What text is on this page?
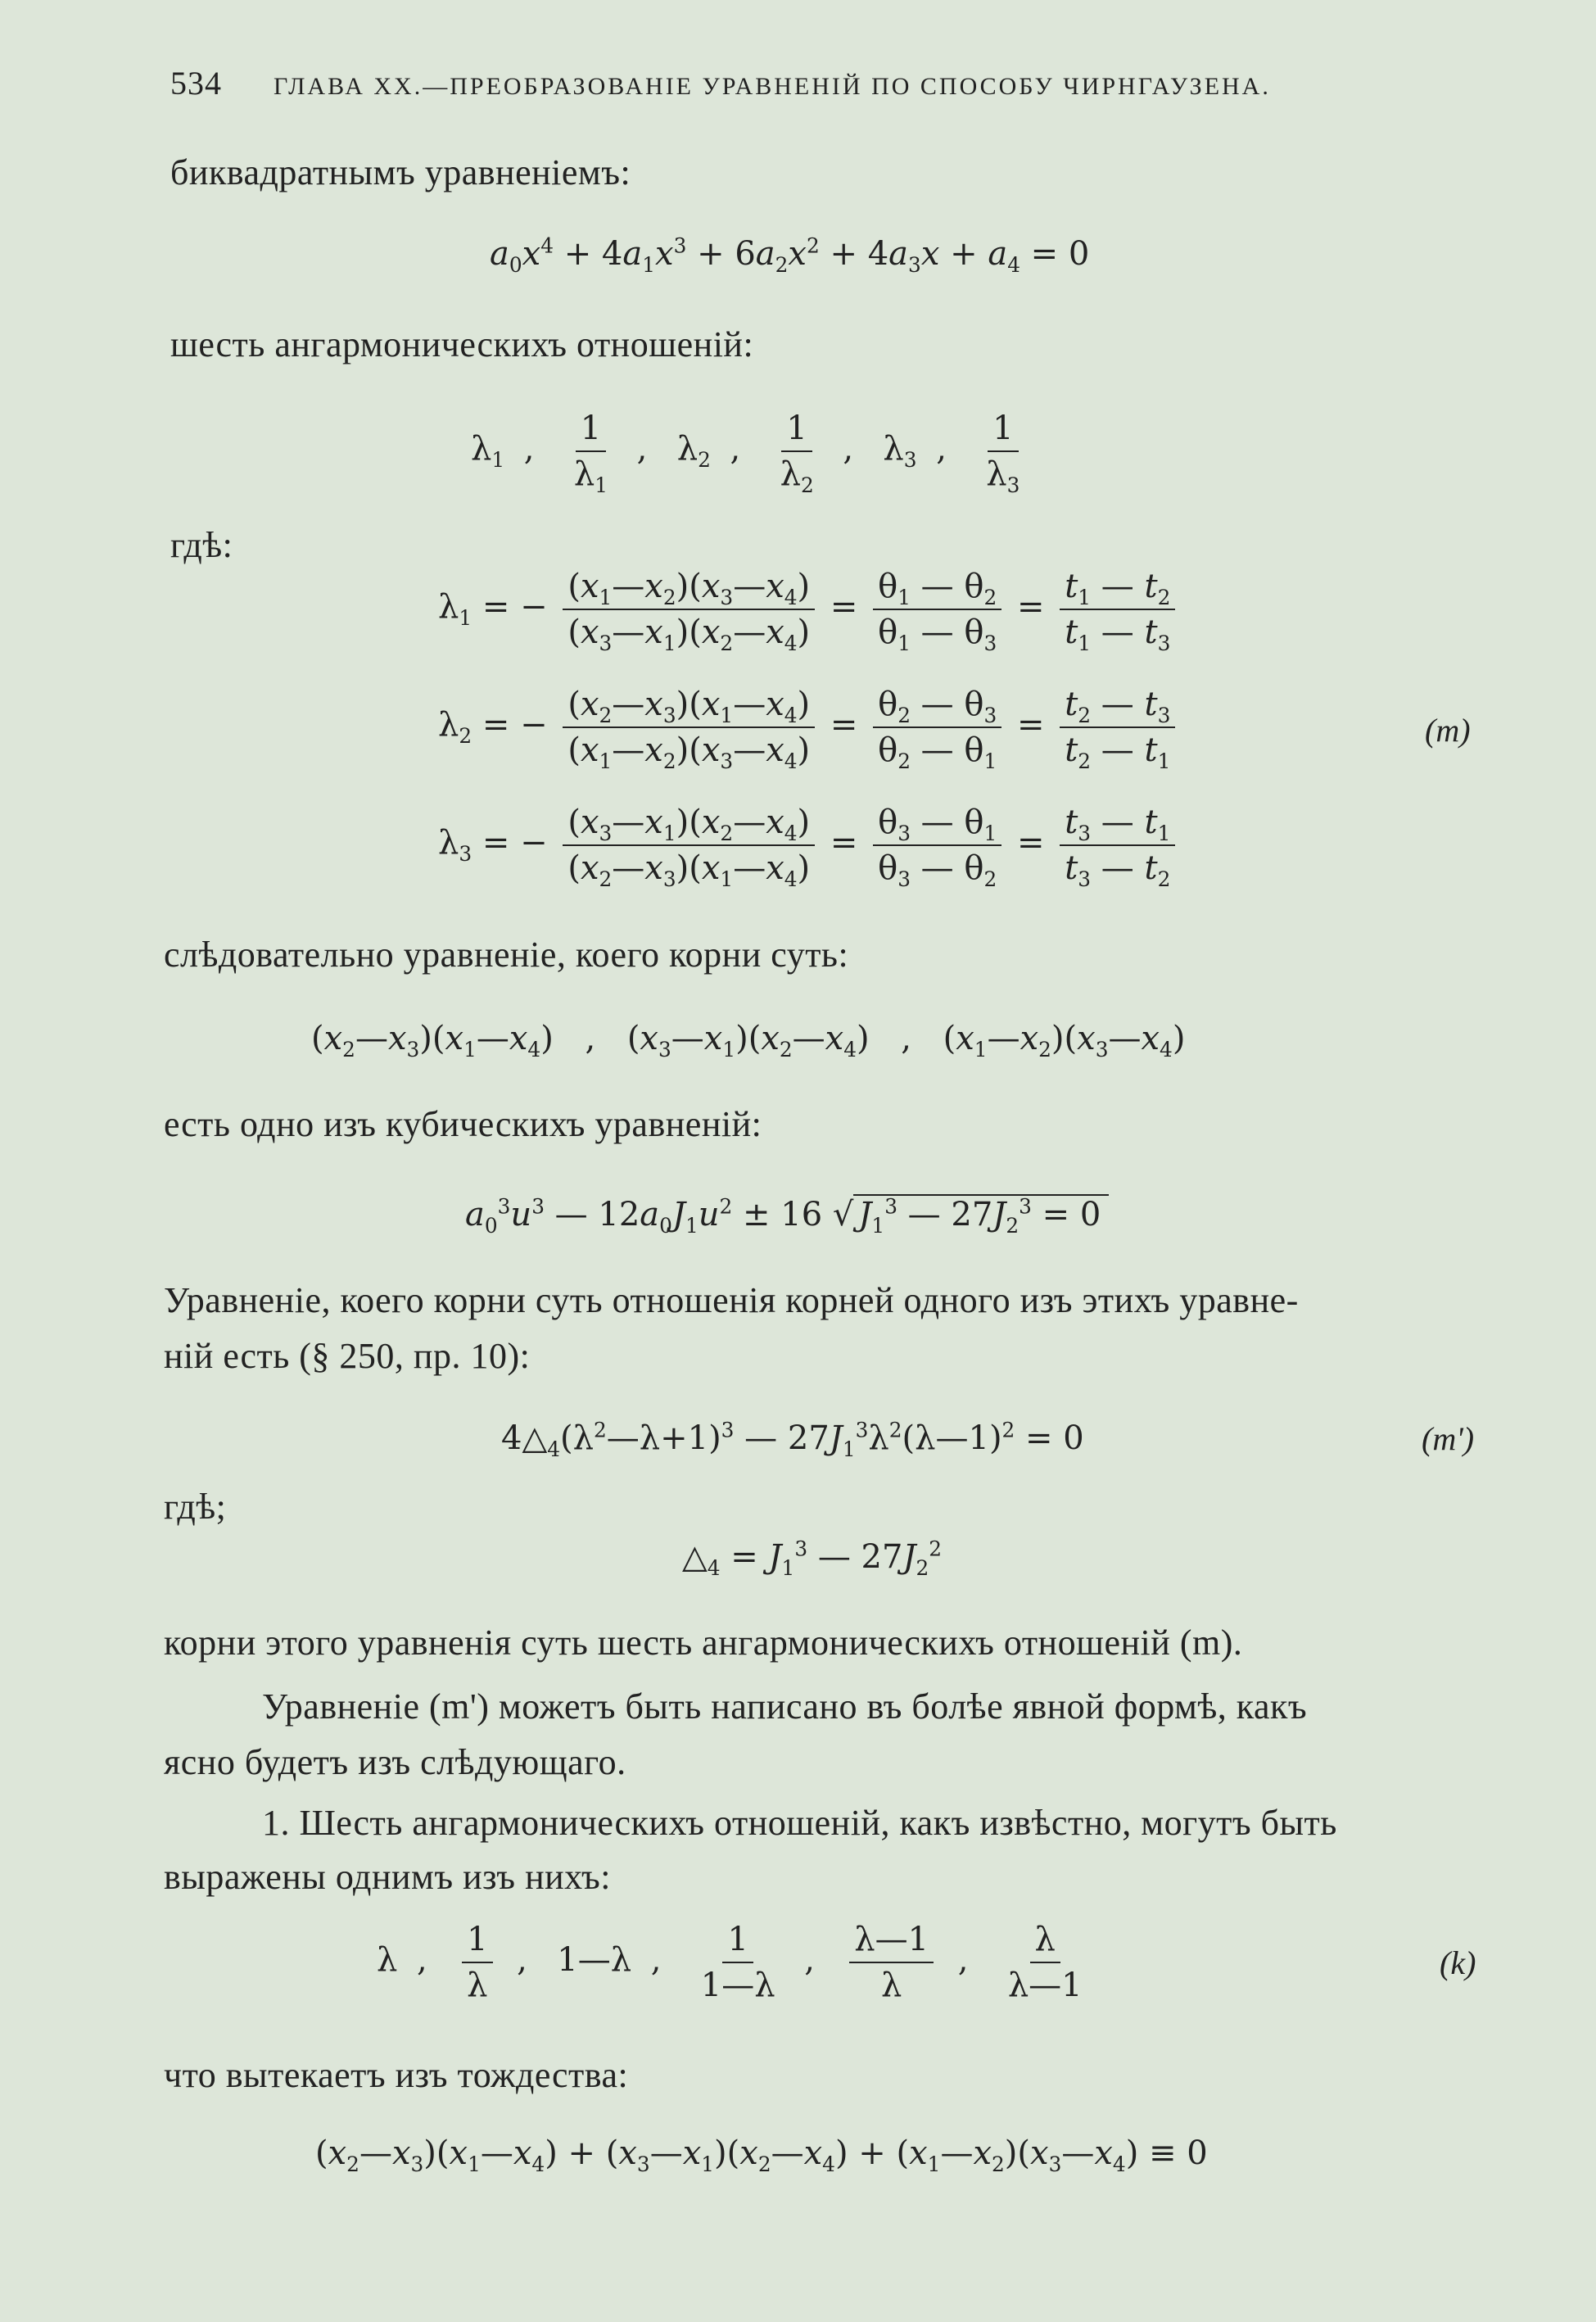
534 ГЛАВА XX.—ПРЕОБРАЗОВАНІЕ УРАВНЕНІЙ ПО СПОСОБУ ЧИРНГАУЗЕНА.
биквадратнымъ уравненіемъ:
$a_0x^4 + 4a_1x^3 + 6a_2x^2 + 4a_3x + a_4 = 0$
шесть ангармоническихъ отношеній:
$\lambda_1$ , $\frac{1}{\lambda_1}$ , $\lambda_2$ , $\frac{1}{\lambda_2}$ , $\lambda_3$ , $\frac{1}{\lambda_3}$
гдѣ:
$\lambda_1$ = − $\frac{(x_1—x_2)(x_3—x_4)}{(x_3—x_1)(x_2—x_4)} = \frac{\theta_1 — \theta_2}{\theta_1 — \theta_3} = \frac{t_1 — t_2}{t_1 — t_3}$
$\lambda_2$ = − $\frac{(x_2—x_3)(x_1—x_4)}{(x_1—x_2)(x_3—x_4)} = \frac{\theta_2 — \theta_3}{\theta_2 — \theta_1} = \frac{t_2 — t_3}{t_2 — t_1}$	(m)
$\lambda_3$ = − $\frac{(x_3—x_1)(x_2—x_4)}{(x_2—x_3)(x_1—x_4)} = \frac{\theta_3 — \theta_1}{\theta_3 — \theta_2} = \frac{t_3 — t_1}{t_3 — t_2}$
слѣдовательно уравненіе, коего корни суть:
$(x_2—x_3)(x_1—x_4)$ , $(x_3—x_1)(x_2—x_4)$ , $(x_1—x_2)(x_3—x_4)$
есть одно изъ кубическихъ уравненій:
$a_0^3u^3$ — $12a_0J_1u^2 \pm 16$ √ $J_1^3$ — $27J_2^3 = 0$
Уравненіе, коего корни суть отношенія корней одного изъ этихъ уравне-
ній есть (§ 250, пр. 10):
$4\triangle_4(\lambda^2—\lambda+1)^3$ — $27J_1^3\lambda^2(\lambda—1)^2 = 0$	(m')
гдѣ;
$\triangle_4 = J_1^3$ — $27J_2^2$
корни этого уравненія суть шесть ангармоническихъ отношеній (m).
Уравненіе (m') можетъ быть написано въ болѣе явной формѣ, какъ
ясно будетъ изъ слѣдующаго.
1. Шесть ангармоническихъ отношеній, какъ извѣстно, могутъ быть
выражены однимъ изъ нихъ:
λ , $\frac{1}{\lambda}$ , 1—λ , $\frac{1}{1—\lambda}$ , $\frac{\lambda—1}{\lambda}$ , $\frac{\lambda}{\lambda—1}$	(k)
что вытекаетъ изъ тождества:
$(x_2—x_3)(x_1—x_4)$ + $(x_3—x_1)(x_2—x_4)$ + $(x_1—x_2)(x_3—x_4) \equiv 0$
